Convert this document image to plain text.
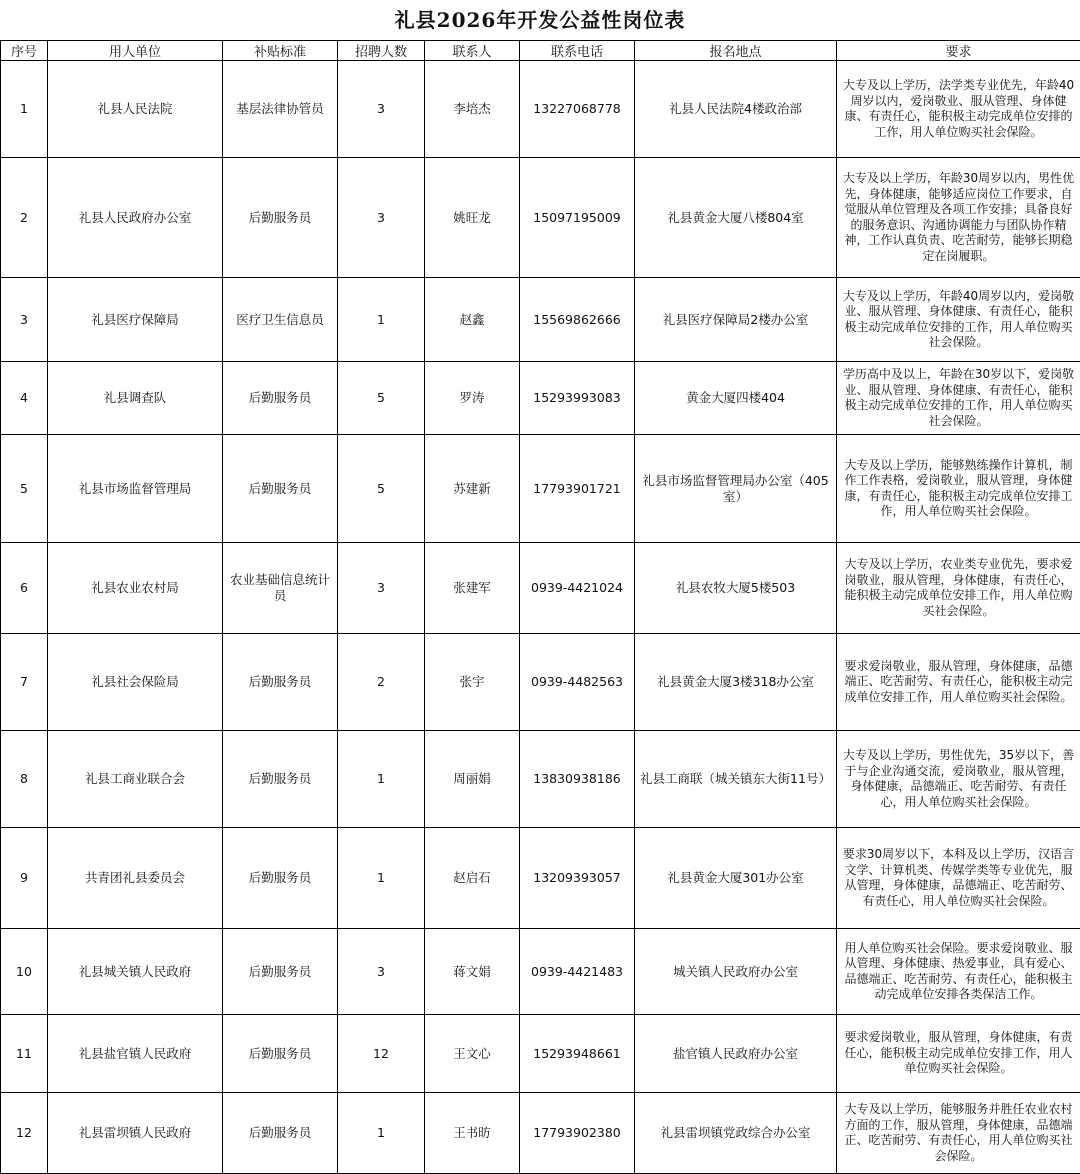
礼县2026年开发公益性岗位表
序号	用人单位	补贴标准	招聘人数	联系人	联系电话	报名地点	要求
1	礼县人民法院	基层法律协管员	3	李培杰	13227068778	礼县人民法院4楼政治部	大专及以上学历，法学类专业优先，年龄40周岁以内，爱岗敬业、服从管理、身体健康、有责任心，能积极主动完成单位安排的工作，用人单位购买社会保险。
2	礼县人民政府办公室	后勤服务员	3	姚旺龙	15097195009	礼县黄金大厦八楼804室	大专及以上学历，年龄30周岁以内，男性优先，身体健康，能够适应岗位工作要求，自觉服从单位管理及各项工作安排；具备良好的服务意识、沟通协调能力与团队协作精神，工作认真负责、吃苦耐劳，能够长期稳定在岗履职。
3	礼县医疗保障局	医疗卫生信息员	1	赵鑫	15569862666	礼县医疗保障局2楼办公室	大专及以上学历，年龄40周岁以内，爱岗敬业、服从管理、身体健康、有责任心，能积极主动完成单位安排的工作，用人单位购买社会保险。
4	礼县调查队	后勤服务员	5	罗涛	15293993083	黄金大厦四楼404	学历高中及以上，年龄在30岁以下，爱岗敬业、服从管理、身体健康、有责任心，能积极主动完成单位安排的工作，用人单位购买社会保险。
5	礼县市场监督管理局	后勤服务员	5	苏建新	17793901721	礼县市场监督管理局办公室（405室）	大专及以上学历，能够熟练操作计算机，制作工作表格，爱岗敬业，服从管理，身体健康，有责任心，能积极主动完成单位安排工作，用人单位购买社会保险。
6	礼县农业农村局	农业基础信息统计员	3	张建军	0939-4421024	礼县农牧大厦5楼503	大专及以上学历，农业类专业优先，要求爱岗敬业，服从管理，身体健康，有责任心，能积极主动完成单位安排工作，用人单位购买社会保险。
7	礼县社会保险局	后勤服务员	2	张宇	0939-4482563	礼县黄金大厦3楼318办公室	要求爱岗敬业，服从管理，身体健康，品德端正、吃苦耐劳、有责任心，能积极主动完成单位安排工作，用人单位购买社会保险。
8	礼县工商业联合会	后勤服务员	1	周丽娟	13830938186	礼县工商联（城关镇东大街11号）	大专及以上学历，男性优先，35岁以下，善于与企业沟通交流，爱岗敬业，服从管理，身体健康，品德端正、吃苦耐劳、有责任心，用人单位购买社会保险。
9	共青团礼县委员会	后勤服务员	1	赵启石	13209393057	礼县黄金大厦301办公室	要求30周岁以下，本科及以上学历，汉语言文学、计算机类、传媒学类等专业优先，服从管理，身体健康，品德端正、吃苦耐劳、有责任心，用人单位购买社会保险。
10	礼县城关镇人民政府	后勤服务员	3	蒋文娟	0939-4421483	城关镇人民政府办公室	用人单位购买社会保险。要求爱岗敬业、服从管理、身体健康、热爱事业，具有爱心、品德端正、吃苦耐劳、有责任心，能积极主动完成单位安排各类保洁工作。
11	礼县盐官镇人民政府	后勤服务员	12	王文心	15293948661	盐官镇人民政府办公室	要求爱岗敬业，服从管理，身体健康，有责任心，能积极主动完成单位安排工作，用人单位购买社会保险。
12	礼县雷坝镇人民政府	后勤服务员	1	王书昉	17793902380	礼县雷坝镇党政综合办公室	大专及以上学历，能够服务并胜任农业农村方面的工作，服从管理，身体健康，品德端正、吃苦耐劳、有责任心，用人单位购买社会保险。
